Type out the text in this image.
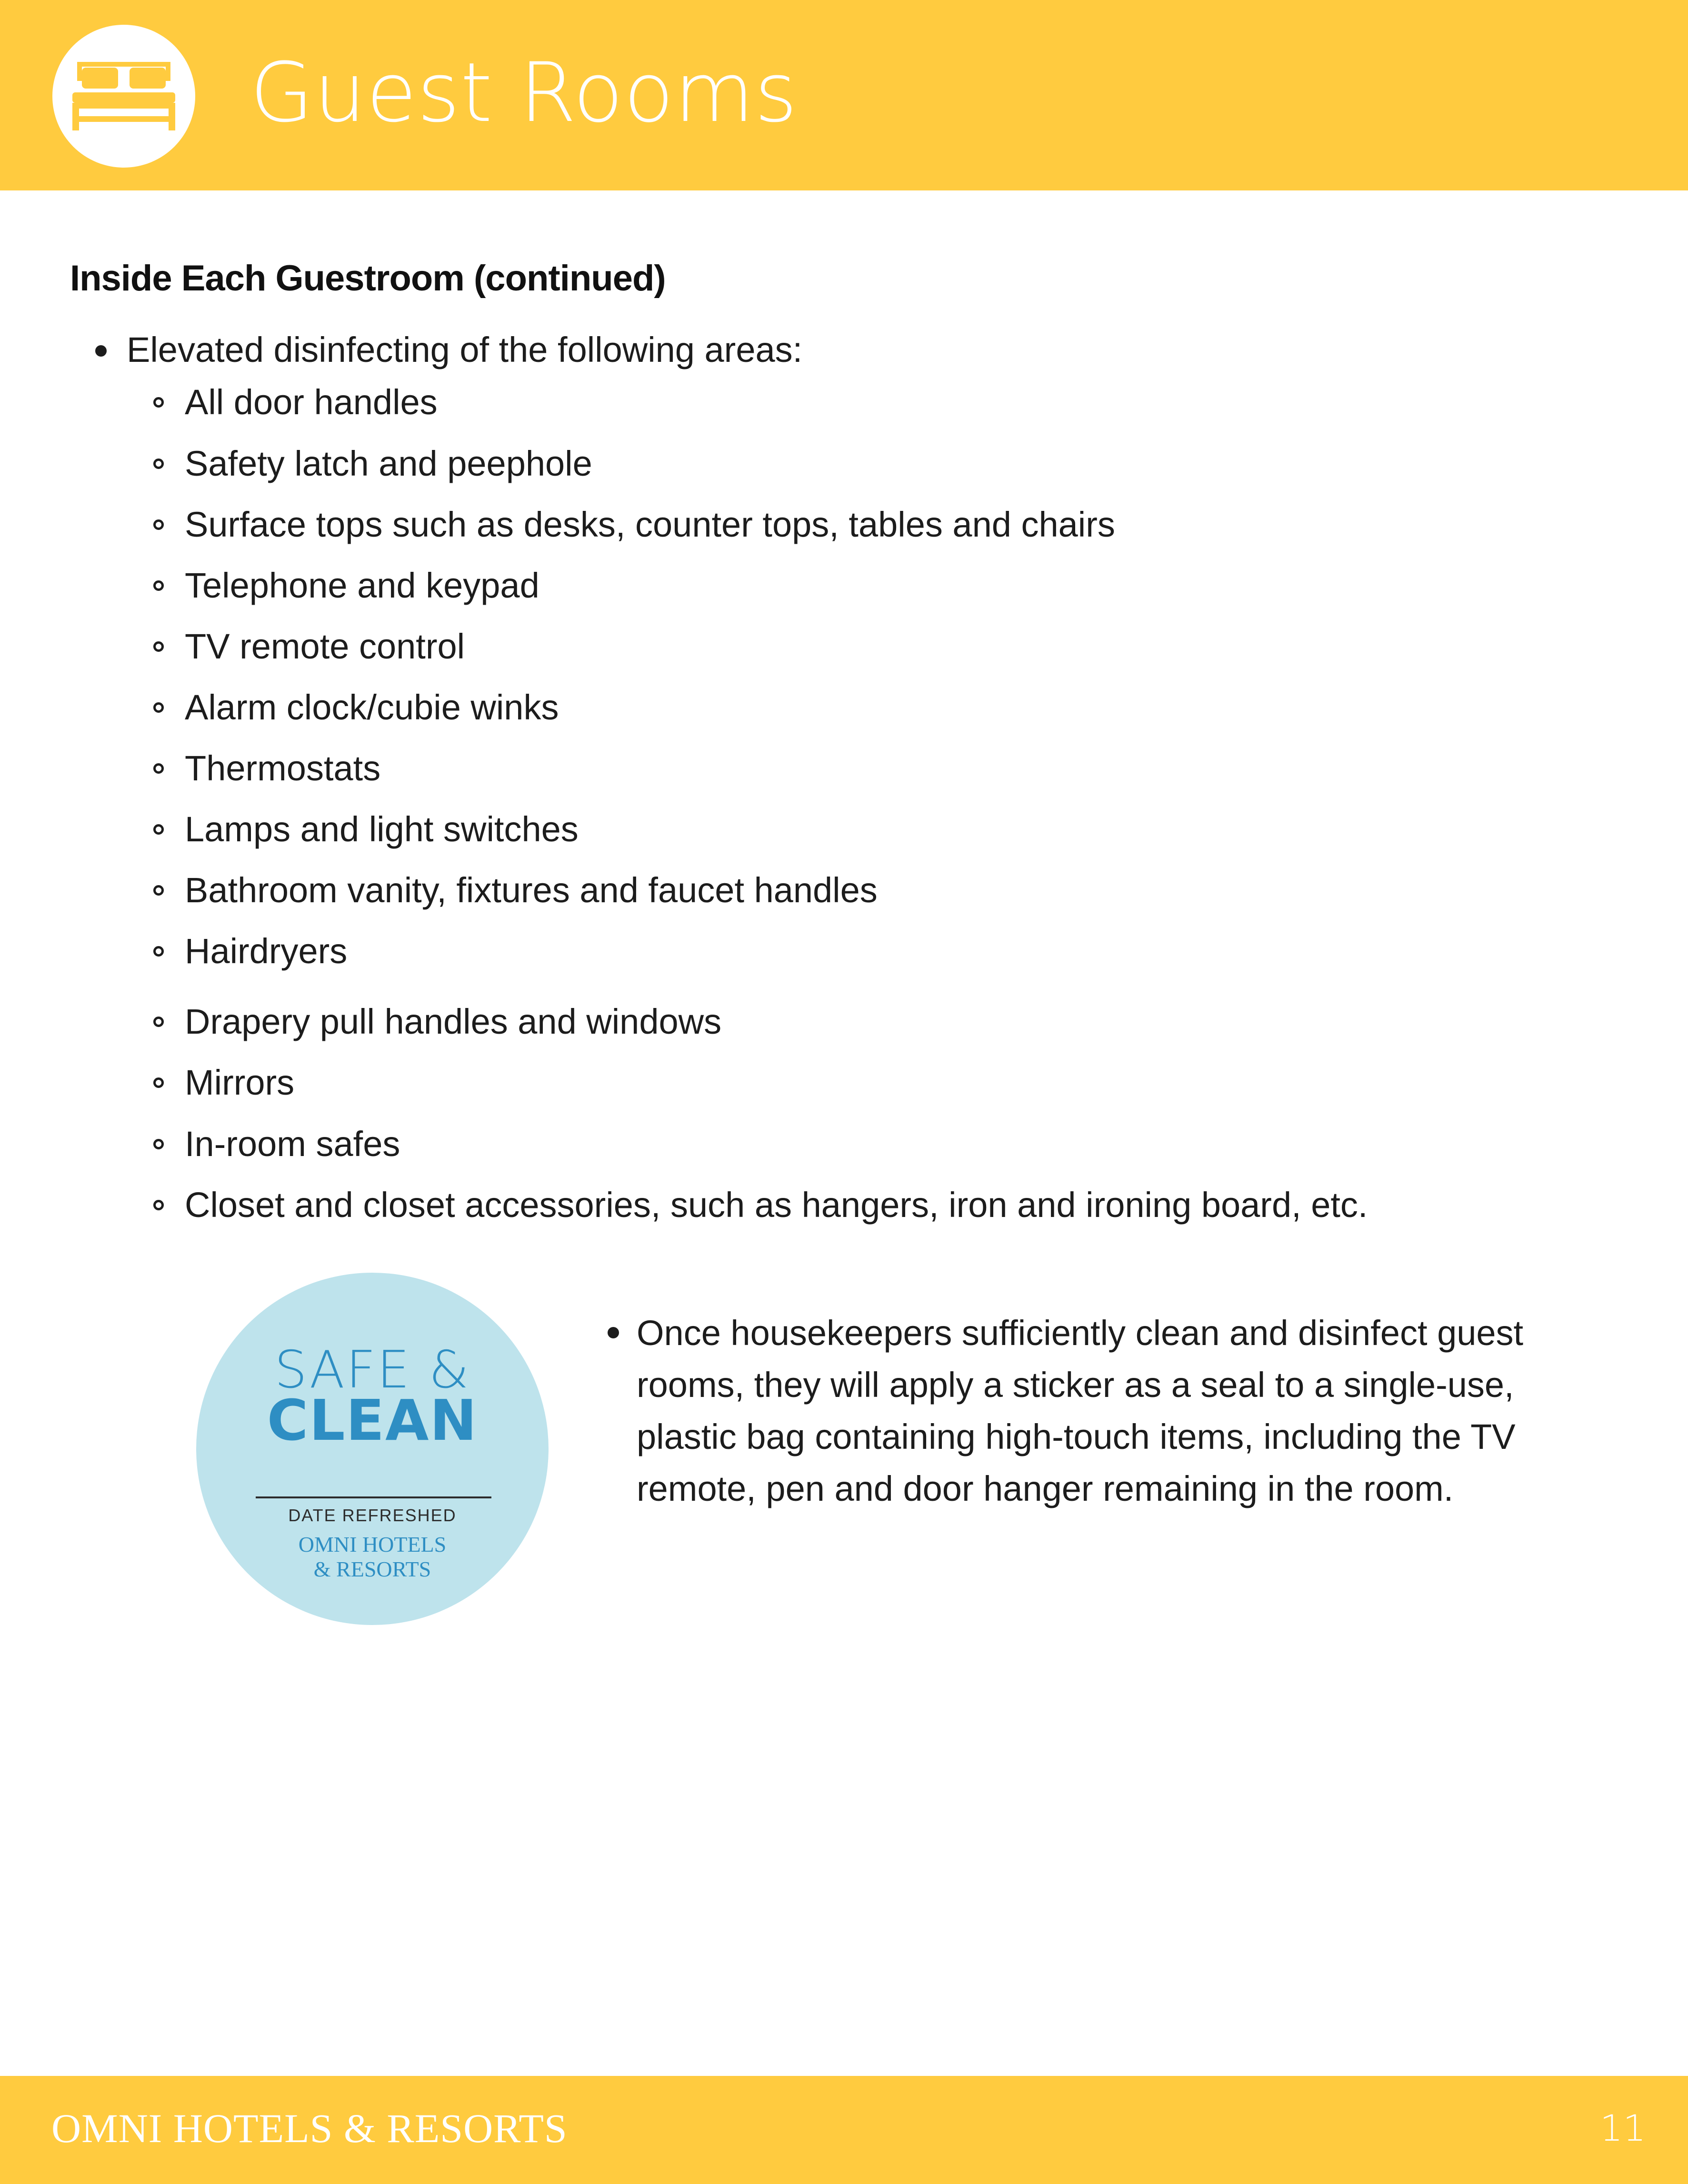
Guest Rooms
Inside Each Guestroom (continued)
Elevated disinfecting of the following areas:
All door handles
Safety latch and peephole
Surface tops such as desks, counter tops, tables and chairs
Telephone and keypad
TV remote control
Alarm clock/cubie winks
Thermostats
Lamps and light switches
Bathroom vanity, fixtures and faucet handles
Hairdryers
Drapery pull handles and windows
Mirrors
In-room safes
Closet and closet accessories, such as hangers, iron and ironing board, etc.
SAFE &
CLEAN
DATE REFRESHED
OMNI HOTELS
& RESORTS
Once housekeepers sufficiently clean and disinfect guest rooms, they will apply a sticker as a seal to a single-use, plastic bag containing high-touch items, including the TV remote, pen and door hanger remaining in the room.
OMNI HOTELS & RESORTS	11
